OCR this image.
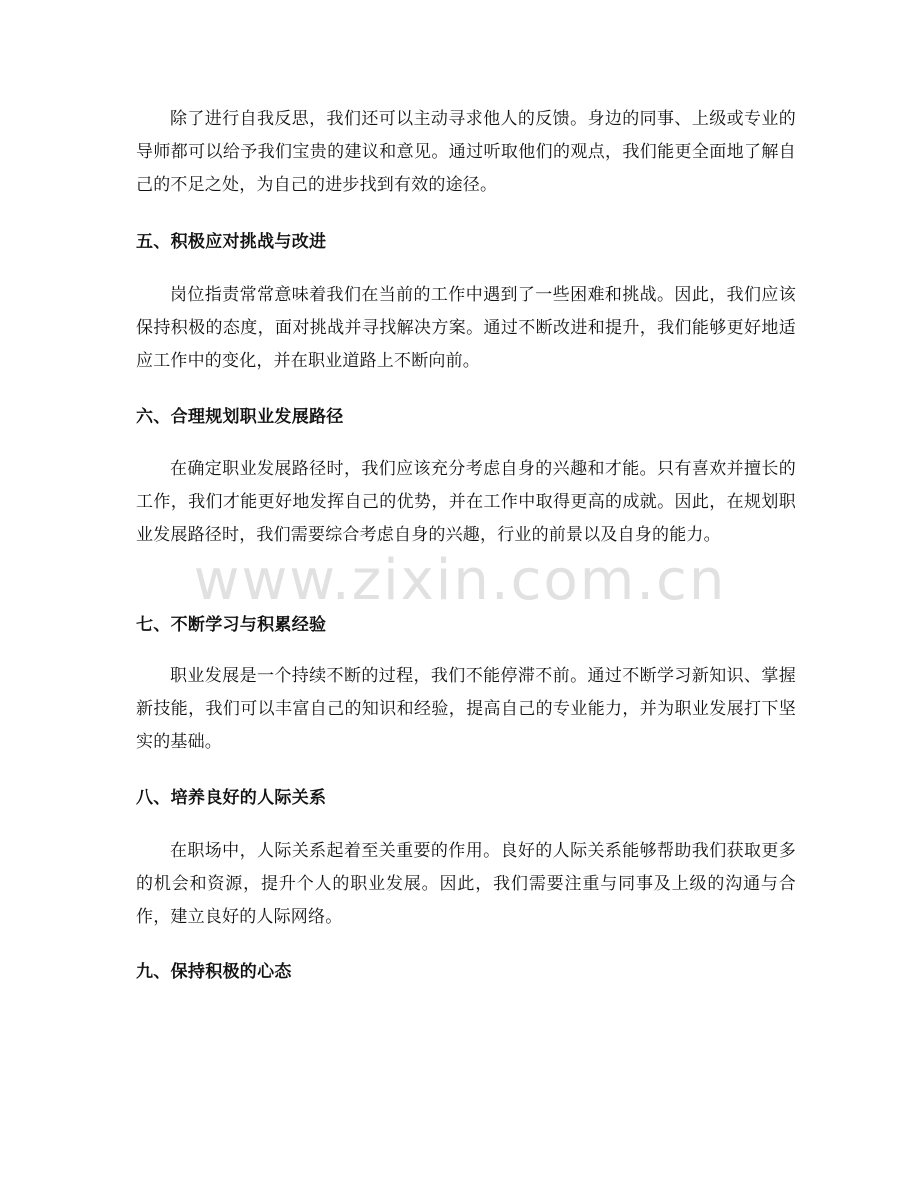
除了进行自我反思，我们还可以主动寻求他人的反馈。身边的同事、上级或专业的导师都可以给予我们宝贵的建议和意见。通过听取他们的观点，我们能更全面地了解自己的不足之处，为自己的进步找到有效的途径。

五、积极应对挑战与改进

岗位指责常常意味着我们在当前的工作中遇到了一些困难和挑战。因此，我们应该保持积极的态度，面对挑战并寻找解决方案。通过不断改进和提升，我们能够更好地适应工作中的变化，并在职业道路上不断向前。

六、合理规划职业发展路径

在确定职业发展路径时，我们应该充分考虑自身的兴趣和才能。只有喜欢并擅长的工作，我们才能更好地发挥自己的优势，并在工作中取得更高的成就。因此，在规划职业发展路径时，我们需要综合考虑自身的兴趣，行业的前景以及自身的能力。

七、不断学习与积累经验

职业发展是一个持续不断的过程，我们不能停滞不前。通过不断学习新知识、掌握新技能，我们可以丰富自己的知识和经验，提高自己的专业能力，并为职业发展打下坚实的基础。

八、培养良好的人际关系

在职场中，人际关系起着至关重要的作用。良好的人际关系能够帮助我们获取更多的机会和资源，提升个人的职业发展。因此，我们需要注重与同事及上级的沟通与合作，建立良好的人际网络。

九、保持积极的心态
www.zixin.com.cn
